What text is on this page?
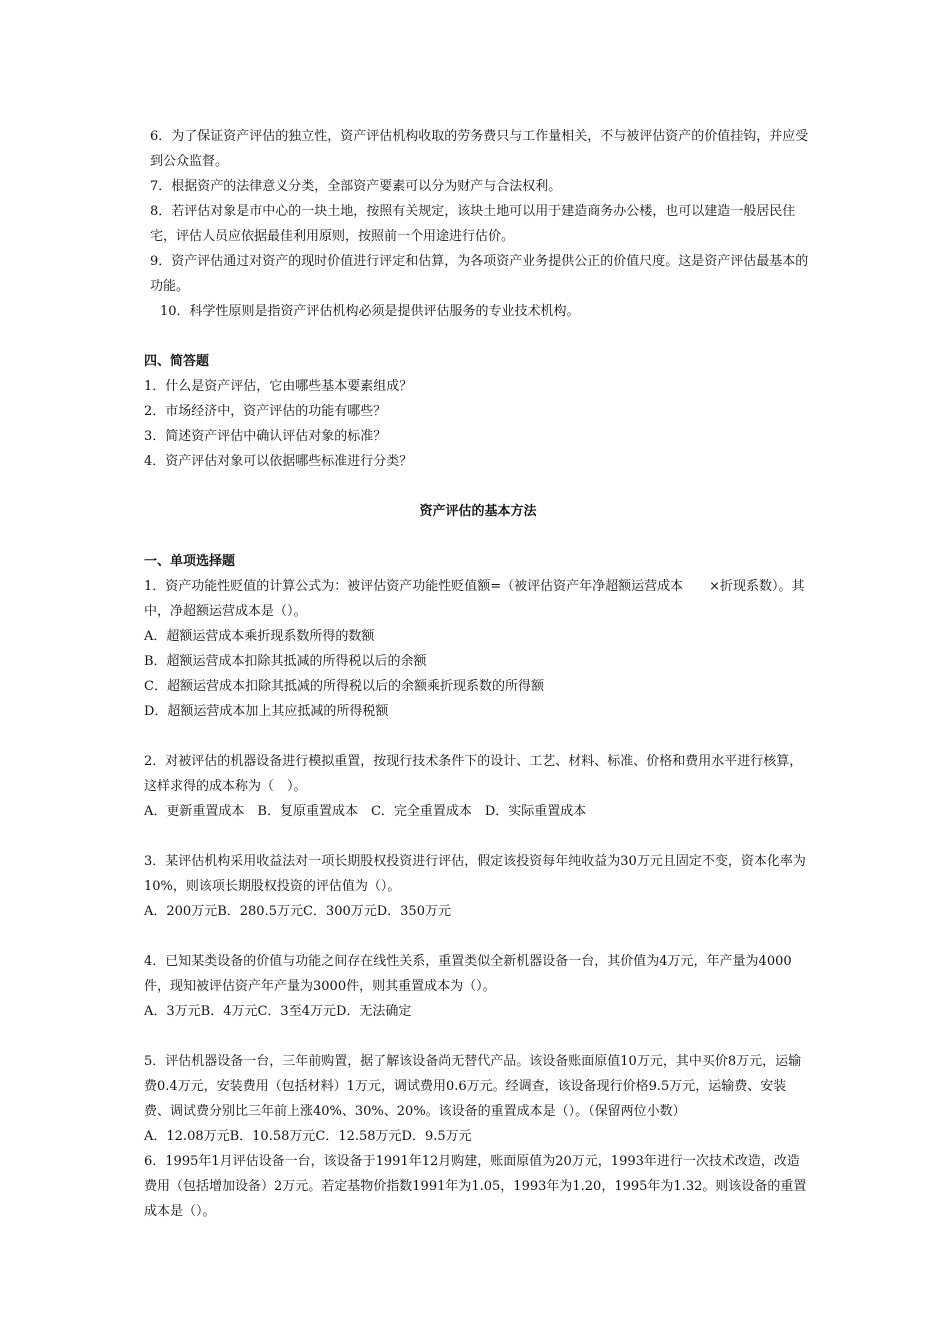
6．为了保证资产评估的独立性，资产评估机构收取的劳务费只与工作量相关，不与被评估资产的价值挂钩，并应受到公众监督。

7．根据资产的法律意义分类，全部资产要素可以分为财产与合法权利。

8．若评估对象是市中心的一块土地，按照有关规定，该块土地可以用于建造商务办公楼，也可以建造一般居民住宅，评估人员应依据最佳利用原则，按照前一个用途进行估价。

9．资产评估通过对资产的现时价值进行评定和估算，为各项资产业务提供公正的价值尺度。这是资产评估最基本的功能。

10．科学性原则是指资产评估机构必须是提供评估服务的专业技术机构。

四、简答题

1．什么是资产评估，它由哪些基本要素组成？

2．市场经济中，资产评估的功能有哪些？

3．简述资产评估中确认评估对象的标准？

4．资产评估对象可以依据哪些标准进行分类？

资产评估的基本方法

一、单项选择题

1．资产功能性贬值的计算公式为：被评估资产功能性贬值额=（被评估资产年净超额运营成本　　×折现系数）。其中，净超额运营成本是（）。

A．超额运营成本乘折现系数所得的数额

B．超额运营成本扣除其抵减的所得税以后的余额

C．超额运营成本扣除其抵减的所得税以后的余额乘折现系数的所得额

D．超额运营成本加上其应抵减的所得税额

2．对被评估的机器设备进行模拟重置，按现行技术条件下的设计、工艺、材料、标准、价格和费用水平进行核算，这样求得的成本称为（　）。

A．更新重置成本　B．复原重置成本　C．完全重置成本　D．实际重置成本

3．某评估机构采用收益法对一项长期股权投资进行评估，假定该投资每年纯收益为30万元且固定不变，资本化率为10%，则该项长期股权投资的评估值为（）。

A．200万元B．280.5万元C．300万元D．350万元

4．已知某类设备的价值与功能之间存在线性关系，重置类似全新机器设备一台，其价值为4万元，年产量为4000件，现知被评估资产年产量为3000件，则其重置成本为（）。

A．3万元B．4万元C．3至4万元D．无法确定

5．评估机器设备一台，三年前购置，据了解该设备尚无替代产品。该设备账面原值10万元，其中买价8万元，运输费0.4万元，安装费用（包括材料）1万元，调试费用0.6万元。经调查，该设备现行价格9.5万元，运输费、安装费、调试费分别比三年前上涨40%、30%、20%。该设备的重置成本是（）。（保留两位小数）

A．12.08万元B．10.58万元C．12.58万元D．9.5万元

6．1995年1月评估设备一台，该设备于1991年12月购建，账面原值为20万元，1993年进行一次技术改造，改造费用（包括增加设备）2万元。若定基物价指数1991年为1.05，1993年为1.20，1995年为1.32。则该设备的重置成本是（）。
